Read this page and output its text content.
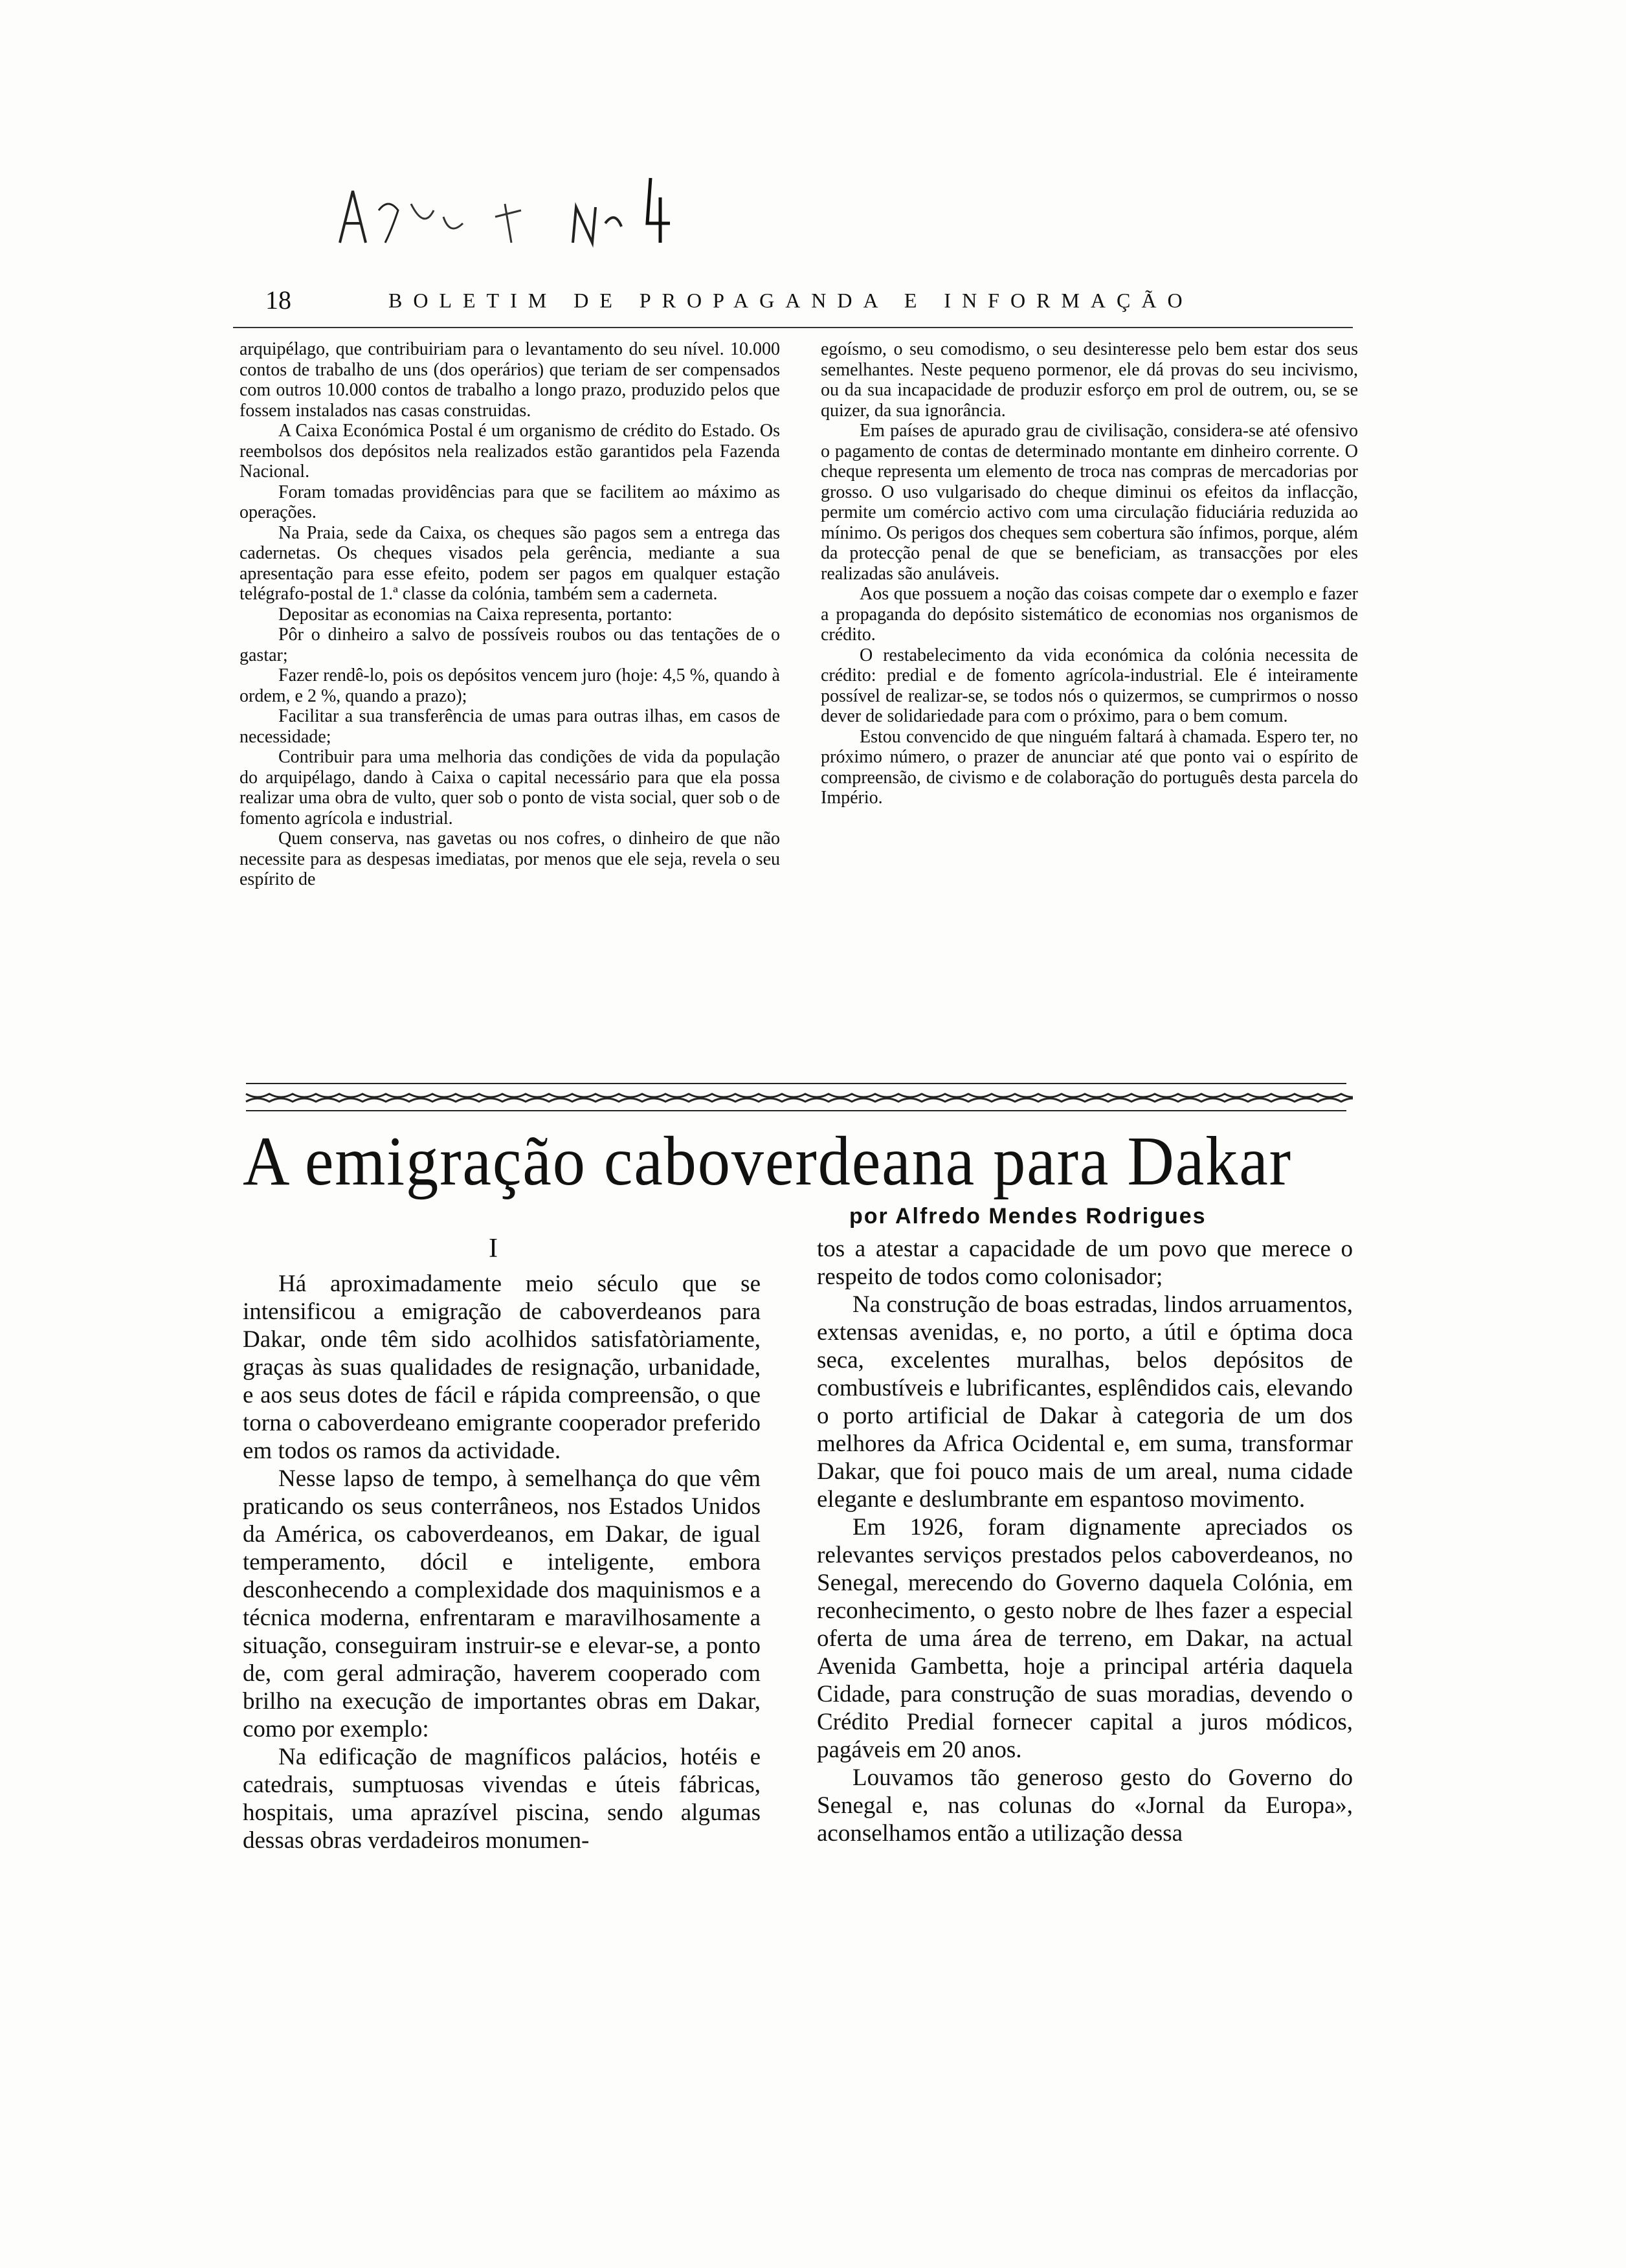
18	BOLETIM DE PROPAGANDA E INFORMAÇÃO

arquipélago, que contribuiriam para o levantamento do seu nível. 10.000 contos de trabalho de uns (dos operários) que teriam de ser compensados com outros 10.000 contos de trabalho a longo prazo, produzido pelos que fossem instalados nas casas construidas.

A Caixa Económica Postal é um organismo de crédito do Estado. Os reembolsos dos depósitos nela realizados estão garantidos pela Fazenda Nacional.

Foram tomadas providências para que se facilitem ao máximo as operações.

Na Praia, sede da Caixa, os cheques são pagos sem a entrega das cadernetas. Os cheques visados pela gerência, mediante a sua apresentação para esse efeito, podem ser pagos em qualquer estação telégrafo-postal de 1.ª classe da colónia, também sem a caderneta.

Depositar as economias na Caixa representa, portanto:

Pôr o dinheiro a salvo de possíveis roubos ou das tentações de o gastar;

Fazer rendê-lo, pois os depósitos vencem juro (hoje: 4,5 %, quando à ordem, e 2 %, quando a prazo);

Facilitar a sua transferência de umas para outras ilhas, em casos de necessidade;

Contribuir para uma melhoria das condições de vida da população do arquipélago, dando à Caixa o capital necessário para que ela possa realizar uma obra de vulto, quer sob o ponto de vista social, quer sob o de fomento agrícola e industrial.

Quem conserva, nas gavetas ou nos cofres, o dinheiro de que não necessite para as despesas imediatas, por menos que ele seja, revela o seu espírito de

egoísmo, o seu comodismo, o seu desinteresse pelo bem estar dos seus semelhantes. Neste pequeno pormenor, ele dá provas do seu incivismo, ou da sua incapacidade de produzir esforço em prol de outrem, ou, se se quizer, da sua ignorância.

Em países de apurado grau de civilisação, considera-se até ofensivo o pagamento de contas de determinado montante em dinheiro corrente. O cheque representa um elemento de troca nas compras de mercadorias por grosso. O uso vulgarisado do cheque diminui os efeitos da inflacção, permite um comércio activo com uma circulação fiduciária reduzida ao mínimo. Os perigos dos cheques sem cobertura são ínfimos, porque, além da protecção penal de que se beneficiam, as transacções por eles realizadas são anuláveis.

Aos que possuem a noção das coisas compete dar o exemplo e fazer a propaganda do depósito sistemático de economias nos organismos de crédito.

O restabelecimento da vida económica da colónia necessita de crédito: predial e de fomento agrícola-industrial. Ele é inteiramente possível de realizar-se, se todos nós o quizermos, se cumprirmos o nosso dever de solidariedade para com o próximo, para o bem comum.

Estou convencido de que ninguém faltará à chamada. Espero ter, no próximo número, o prazer de anunciar até que ponto vai o espírito de compreensão, de civismo e de colaboração do português desta parcela do Império.

A emigração caboverdeana para Dakar
por Alfredo Mendes Rodrigues
I

Há aproximadamente meio século que se intensificou a emigração de caboverdeanos para Dakar, onde têm sido acolhidos satisfatòriamente, graças às suas qualidades de resignação, urbanidade, e aos seus dotes de fácil e rápida compreensão, o que torna o caboverdeano emigrante cooperador preferido em todos os ramos da actividade.

Nesse lapso de tempo, à semelhança do que vêm praticando os seus conterrâneos, nos Estados Unidos da América, os caboverdeanos, em Dakar, de igual temperamento, dócil e inteligente, embora desconhecendo a complexidade dos maquinismos e a técnica moderna, enfrentaram e maravilhosamente a situação, conseguiram instruir-se e elevar-se, a ponto de, com geral admiração, haverem cooperado com brilho na execução de importantes obras em Dakar, como por exemplo:

Na edificação de magníficos palácios, hotéis e catedrais, sumptuosas vivendas e úteis fábricas, hospitais, uma aprazível piscina, sendo algumas dessas obras verdadeiros monumen-

tos a atestar a capacidade de um povo que merece o respeito de todos como colonisador;

Na construção de boas estradas, lindos arruamentos, extensas avenidas, e, no porto, a útil e óptima doca seca, excelentes muralhas, belos depósitos de combustíveis e lubrificantes, esplêndidos cais, elevando o porto artificial de Dakar à categoria de um dos melhores da Africa Ocidental e, em suma, transformar Dakar, que foi pouco mais de um areal, numa cidade elegante e deslumbrante em espantoso movimento.

Em 1926, foram dignamente apreciados os relevantes serviços prestados pelos caboverdeanos, no Senegal, merecendo do Governo daquela Colónia, em reconhecimento, o gesto nobre de lhes fazer a especial oferta de uma área de terreno, em Dakar, na actual Avenida Gambetta, hoje a principal artéria daquela Cidade, para construção de suas moradias, devendo o Crédito Predial fornecer capital a juros módicos, pagáveis em 20 anos.

Louvamos tão generoso gesto do Governo do Senegal e, nas colunas do «Jornal da Europa», aconselhamos então a utilização dessa
